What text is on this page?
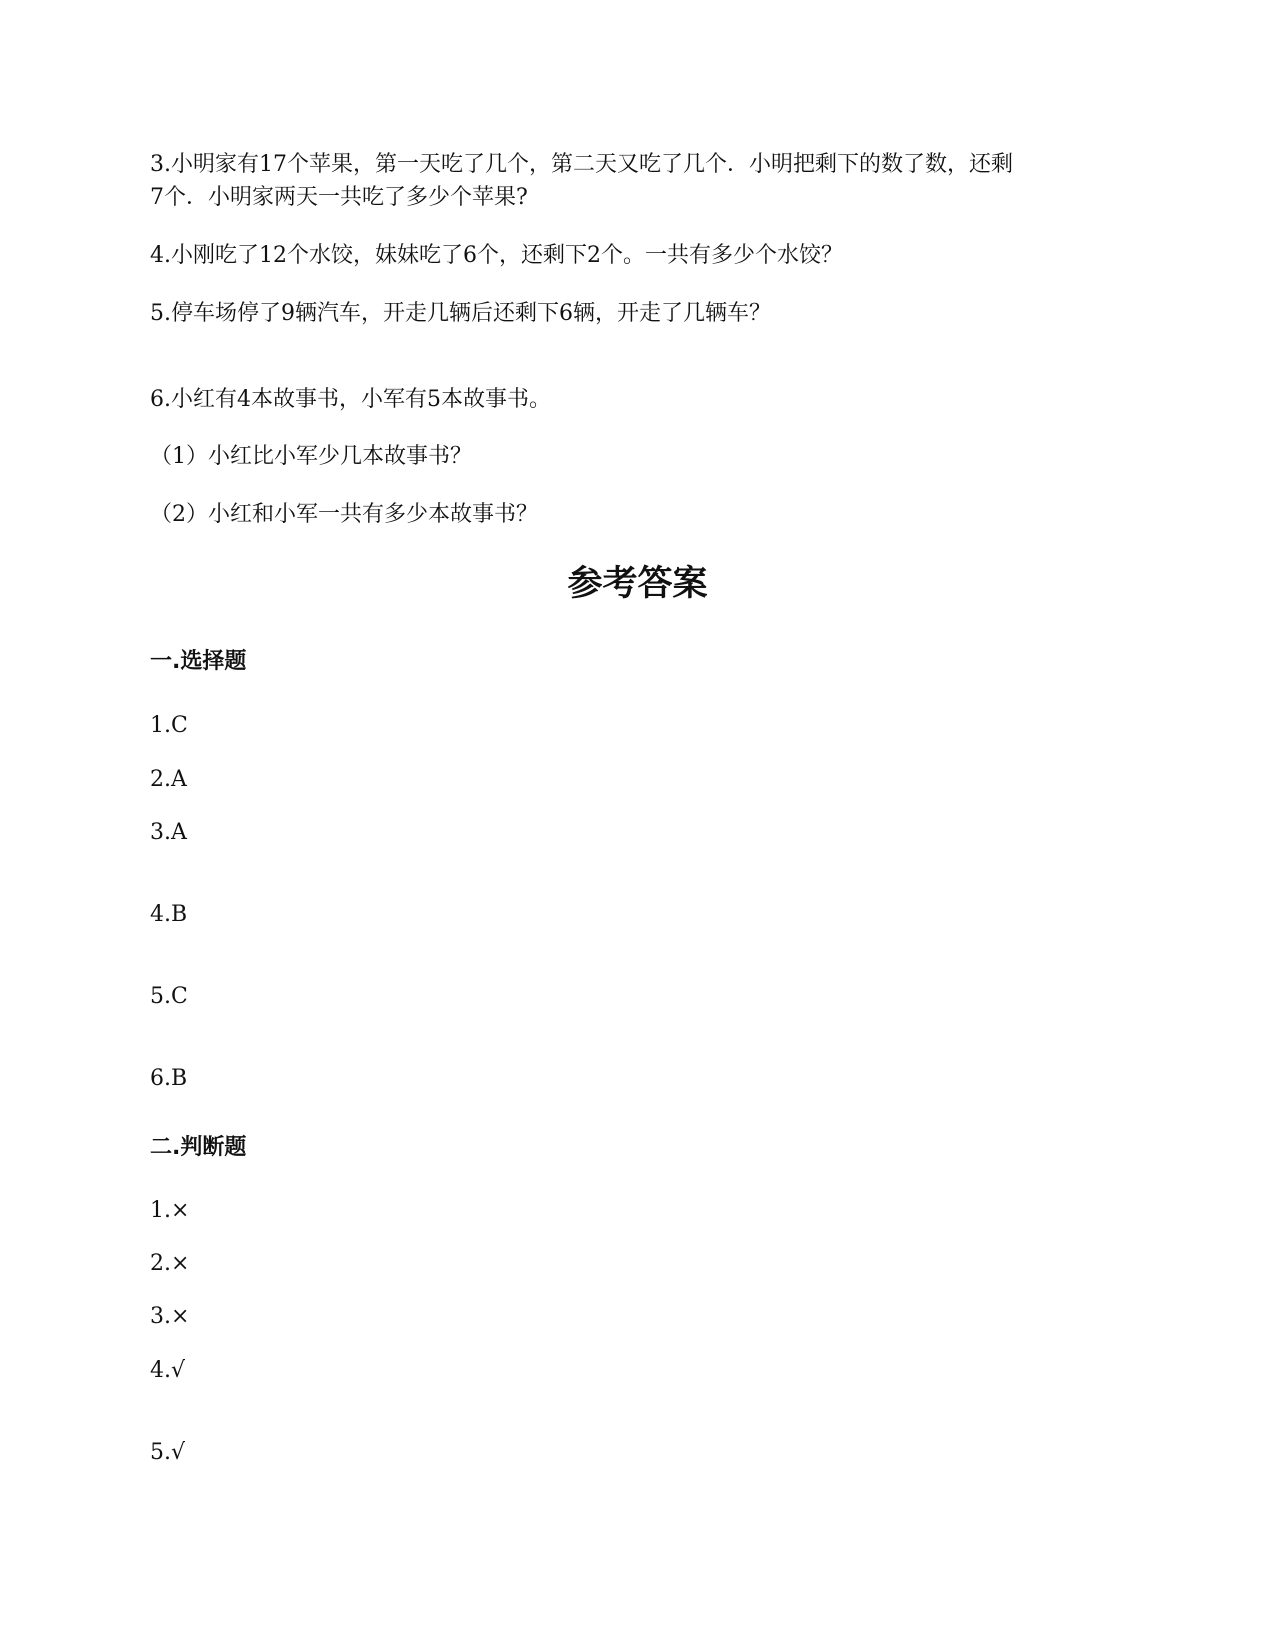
3.小明家有17个苹果，第一天吃了几个，第二天又吃了几个．小明把剩下的数了数，还剩
7个．小明家两天一共吃了多少个苹果?
4.小刚吃了12个水饺，妹妹吃了6个，还剩下2个。一共有多少个水饺？
5.停车场停了9辆汽车，开走几辆后还剩下6辆，开走了几辆车？
6.小红有4本故事书，小军有5本故事书。
（1）小红比小军少几本故事书？
（2）小红和小军一共有多少本故事书？
参考答案
一.选择题
1.C
2.A
3.A
4.B
5.C
6.B
二.判断题
1.×
2.×
3.×
4.√
5.√
